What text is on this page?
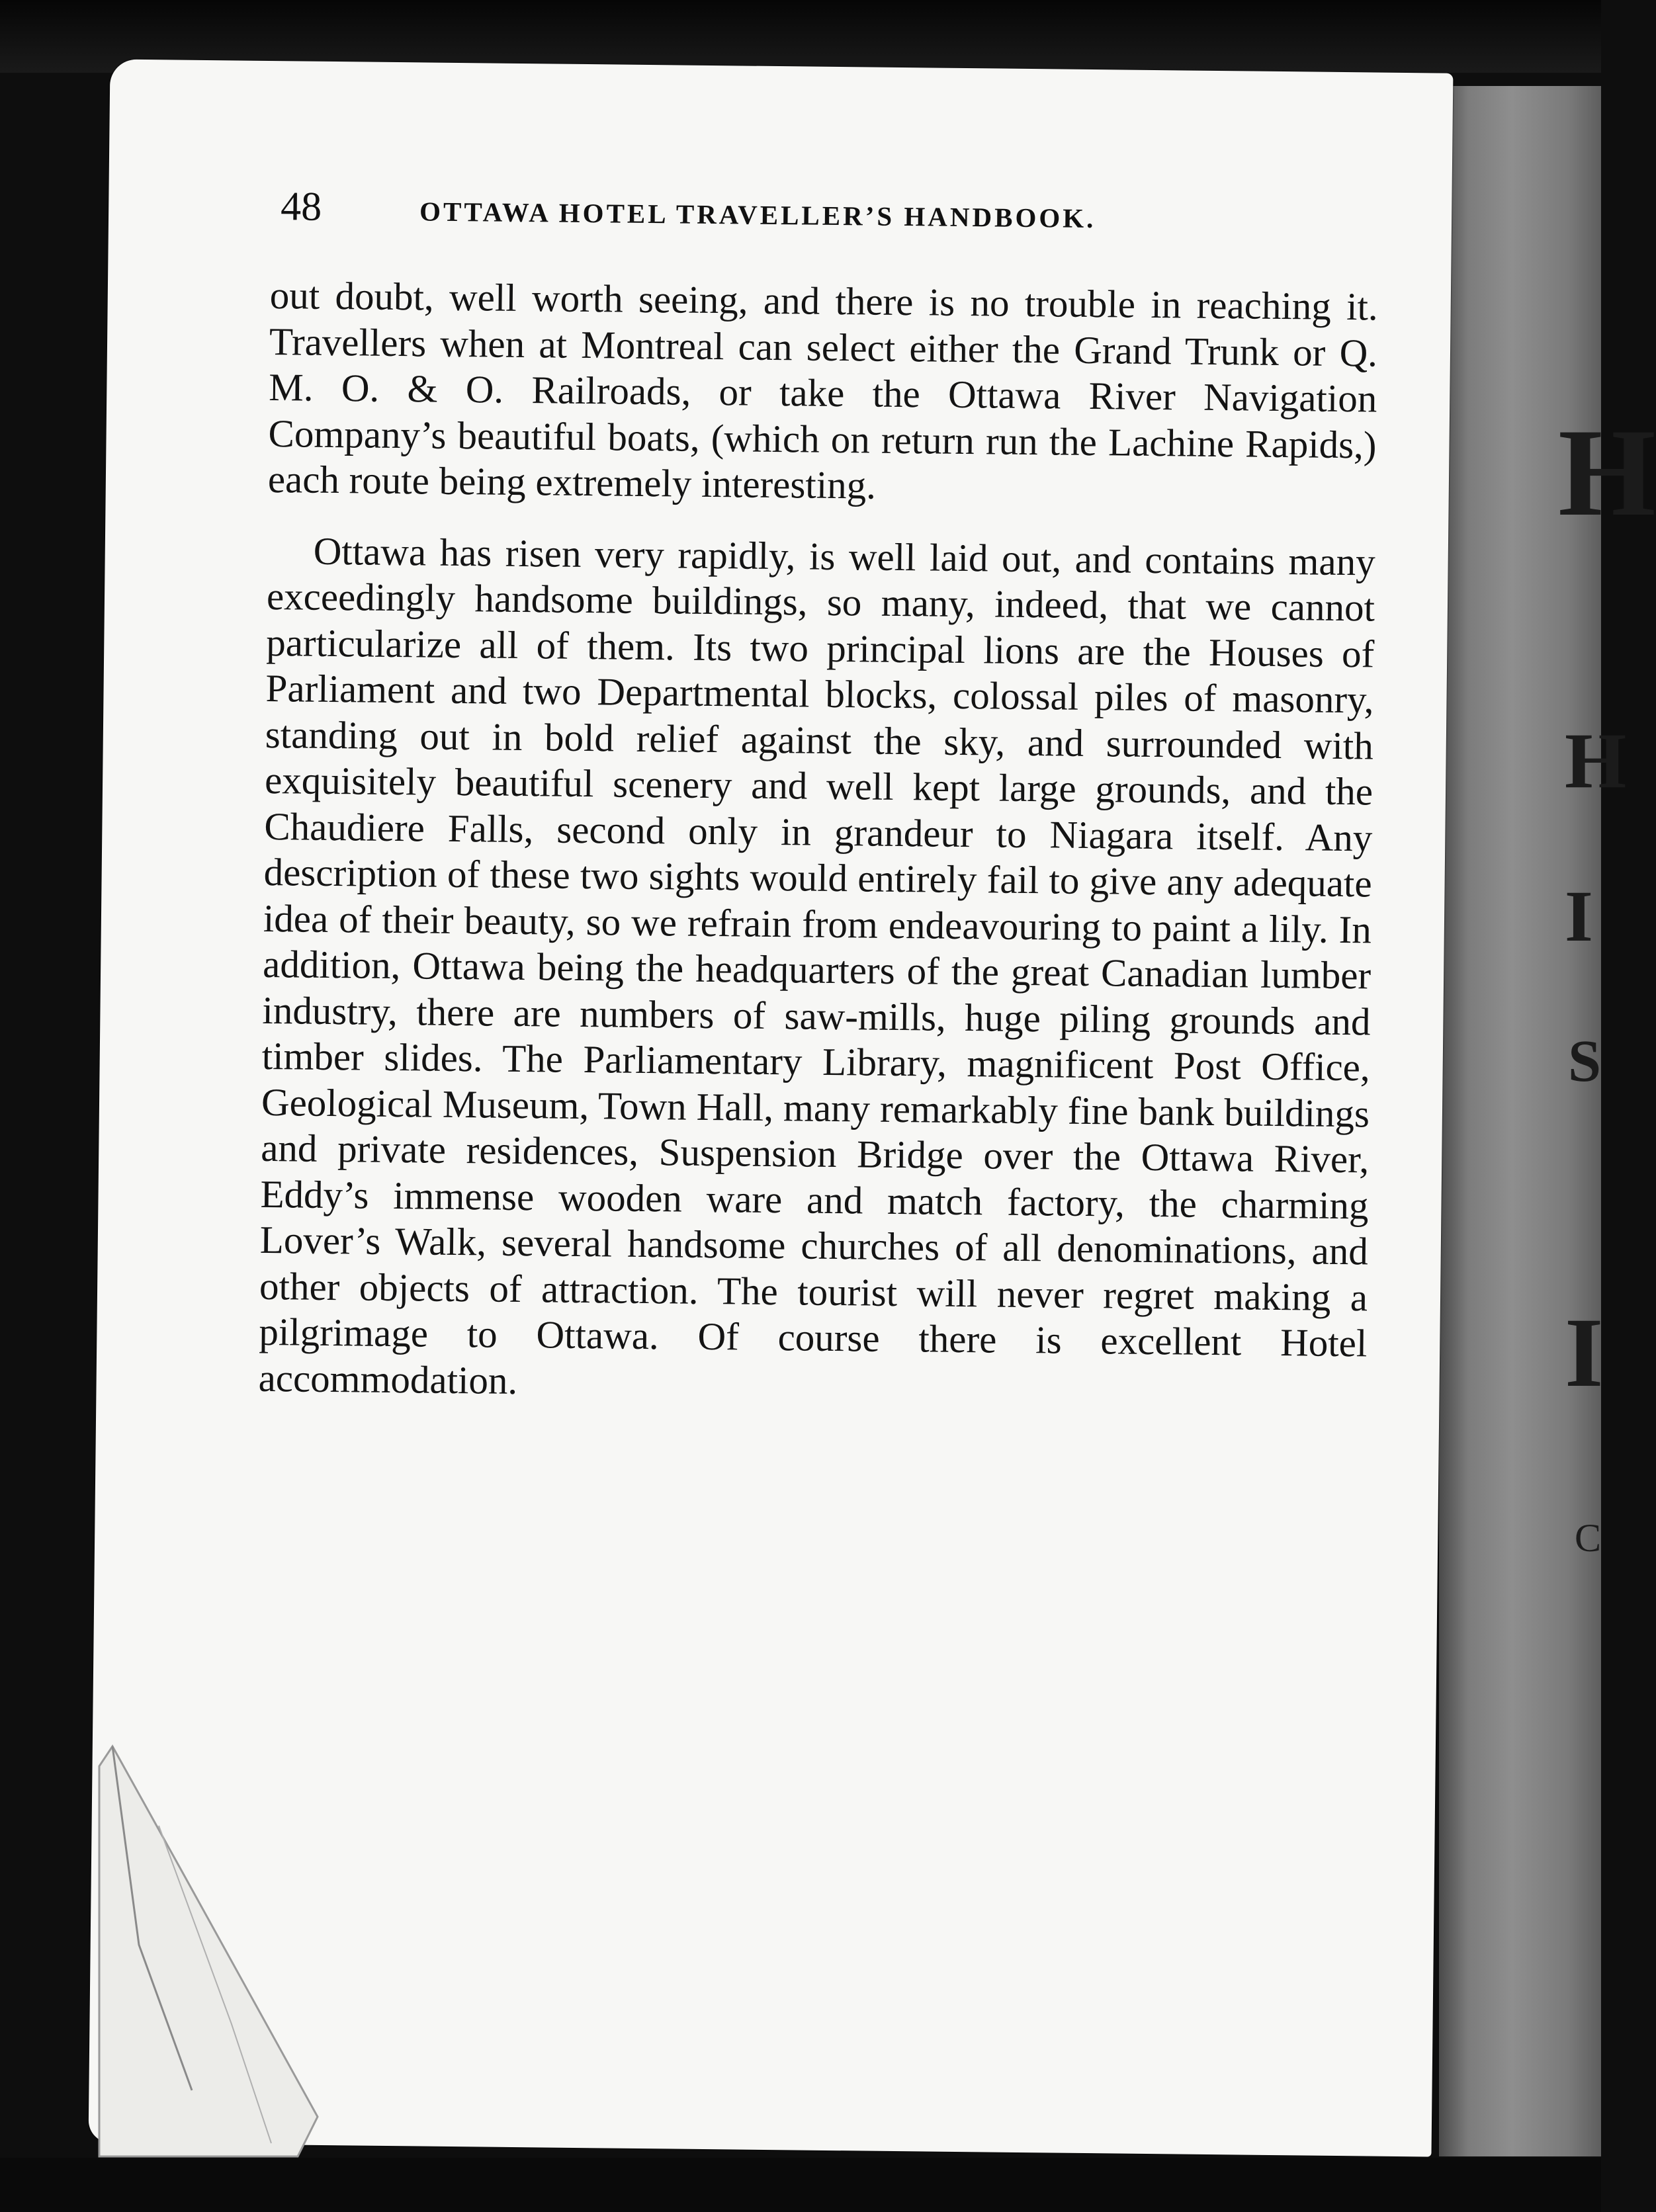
H
H
I
S
I
C
48	OTTAWA HOTEL TRAVELLER’S HANDBOOK.

out doubt, well worth seeing, and there is no trouble in reaching it. Travellers when at Montreal can select either the Grand Trunk or Q. M. O. & O. Railroads, or take the Ottawa River Navigation Company’s beautiful boats, (which on return run the Lachine Rapids,) each route being extremely interesting.

Ottawa has risen very rapidly, is well laid out, and contains many exceedingly handsome buildings, so many, indeed, that we cannot particularize all of them. Its two principal lions are the Houses of Parliament and two Departmental blocks, colossal piles of masonry, standing out in bold relief against the sky, and surrounded with exquisitely beautiful scenery and well kept large grounds, and the Chaudiere Falls, second only in grandeur to Niagara itself. Any description of these two sights would entirely fail to give any adequate idea of their beauty, so we refrain from endeavouring to paint a lily. In addition, Ottawa being the headquarters of the great Canadian lumber industry, there are numbers of saw-mills, huge piling grounds and timber slides. The Parliamentary Library, magnificent Post Office, Geological Museum, Town Hall, many remarkably fine bank buildings and private residences, Suspension Bridge over the Ottawa River, Eddy’s immense wooden ware and match factory, the charming Lover’s Walk, several handsome churches of all denominations, and other objects of attraction. The tourist will never regret making a pilgrimage to Ottawa. Of course there is excellent Hotel accommodation.
